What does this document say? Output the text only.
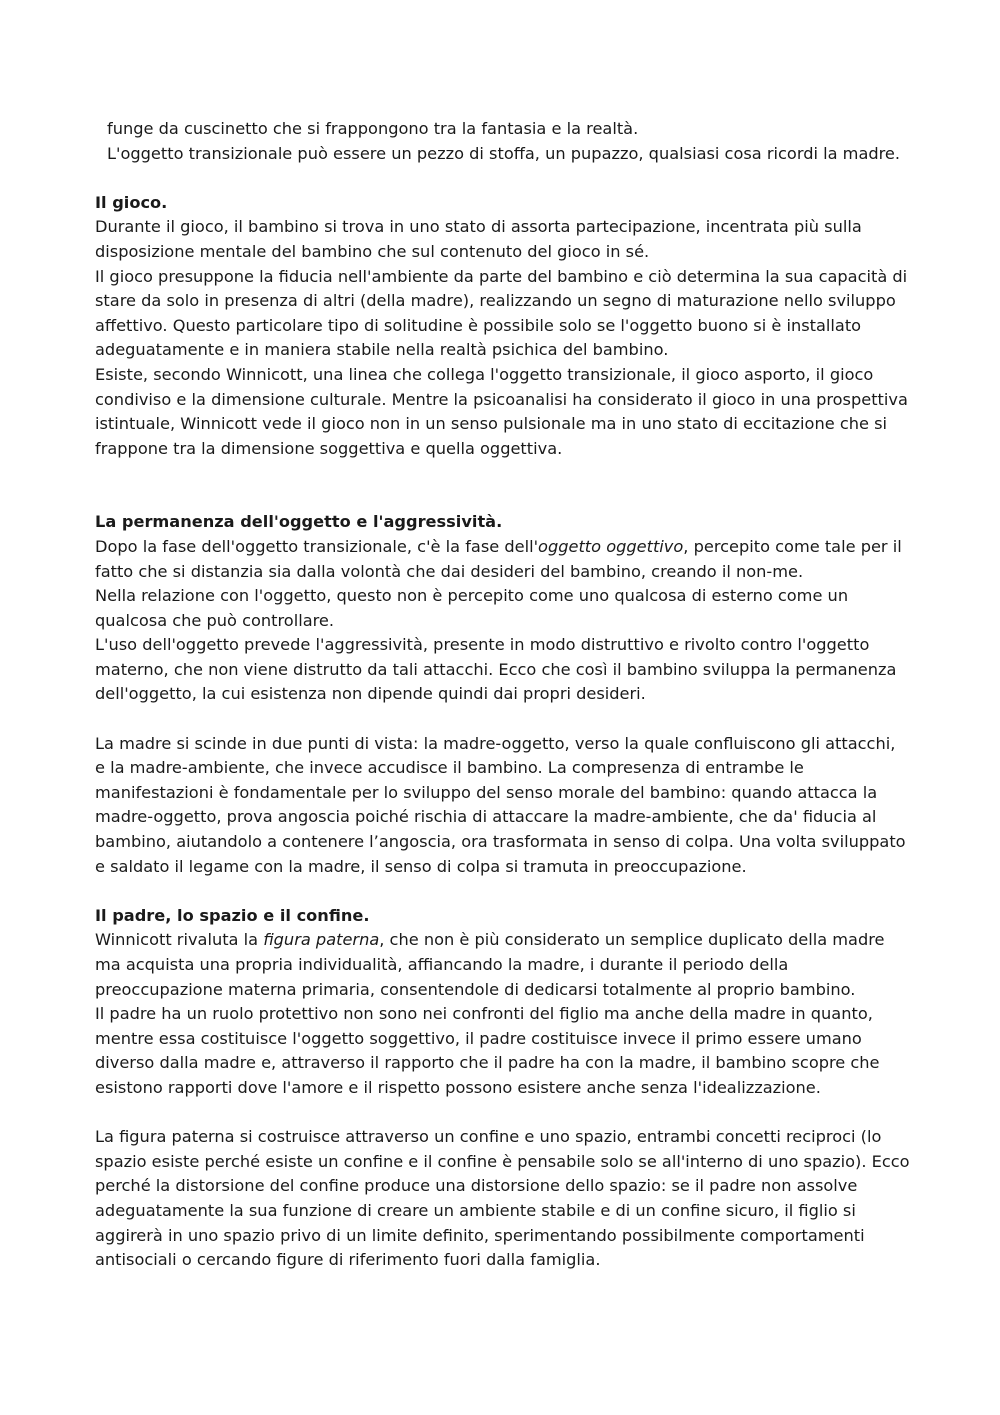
funge da cuscinetto che si frappongono tra la fantasia e la realtà.

L'oggetto transizionale può essere un pezzo di stoffa, un pupazzo, qualsiasi cosa ricordi la madre.

Il gioco.

Durante il gioco, il bambino si trova in uno stato di assorta partecipazione, incentrata più sulla disposizione mentale del bambino che sul contenuto del gioco in sé.

Il gioco presuppone la fiducia nell'ambiente da parte del bambino e ciò determina la sua capacità di stare da solo in presenza di altri (della madre), realizzando un segno di maturazione nello sviluppo affettivo. Questo particolare tipo di solitudine è possibile solo se l'oggetto buono si è installato adeguatamente e in maniera stabile nella realtà psichica del bambino.

Esiste, secondo Winnicott, una linea che collega l'oggetto transizionale, il gioco asporto, il gioco condiviso e la dimensione culturale. Mentre la psicoanalisi ha considerato il gioco in una prospettiva istintuale, Winnicott vede il gioco non in un senso pulsionale ma in uno stato di eccitazione che si frappone tra la dimensione soggettiva e quella oggettiva.

La permanenza dell'oggetto e l'aggressività.

Dopo la fase dell'oggetto transizionale, c'è la fase dell'oggetto oggettivo, percepito come tale per il fatto che si distanzia sia dalla volontà che dai desideri del bambino, creando il non-me.

Nella relazione con l'oggetto, questo non è percepito come uno qualcosa di esterno come un qualcosa che può controllare.

L'uso dell'oggetto prevede l'aggressività, presente in modo distruttivo e rivolto contro l'oggetto materno, che non viene distrutto da tali attacchi. Ecco che così il bambino sviluppa la permanenza dell'oggetto, la cui esistenza non dipende quindi dai propri desideri.

La madre si scinde in due punti di vista: la madre-oggetto, verso la quale confluiscono gli attacchi, e la madre-ambiente, che invece accudisce il bambino. La compresenza di entrambe le manifestazioni è fondamentale per lo sviluppo del senso morale del bambino: quando attacca la madre-oggetto, prova angoscia poiché rischia di attaccare la madre-ambiente, che da' fiducia al bambino, aiutandolo a contenere l’angoscia, ora trasformata in senso di colpa. Una volta sviluppato e saldato il legame con la madre, il senso di colpa si tramuta in preoccupazione.

Il padre, lo spazio e il confine.

Winnicott rivaluta la figura paterna, che non è più considerato un semplice duplicato della madre ma acquista una propria individualità, affiancando la madre, i durante il periodo della preoccupazione materna primaria, consentendole di dedicarsi totalmente al proprio bambino.

Il padre ha un ruolo protettivo non sono nei confronti del figlio ma anche della madre in quanto, mentre essa costituisce l'oggetto soggettivo, il padre costituisce invece il primo essere umano diverso dalla madre e, attraverso il rapporto che il padre ha con la madre, il bambino scopre che esistono rapporti dove l'amore e il rispetto possono esistere anche senza l'idealizzazione.

La figura paterna si costruisce attraverso un confine e uno spazio, entrambi concetti reciproci (lo spazio esiste perché esiste un confine e il confine è pensabile solo se all'interno di uno spazio). Ecco perché la distorsione del confine produce una distorsione dello spazio: se il padre non assolve adeguatamente la sua funzione di creare un ambiente stabile e di un confine sicuro, il figlio si aggirerà in uno spazio privo di un limite definito, sperimentando possibilmente comportamenti antisociali o cercando figure di riferimento fuori dalla famiglia.
